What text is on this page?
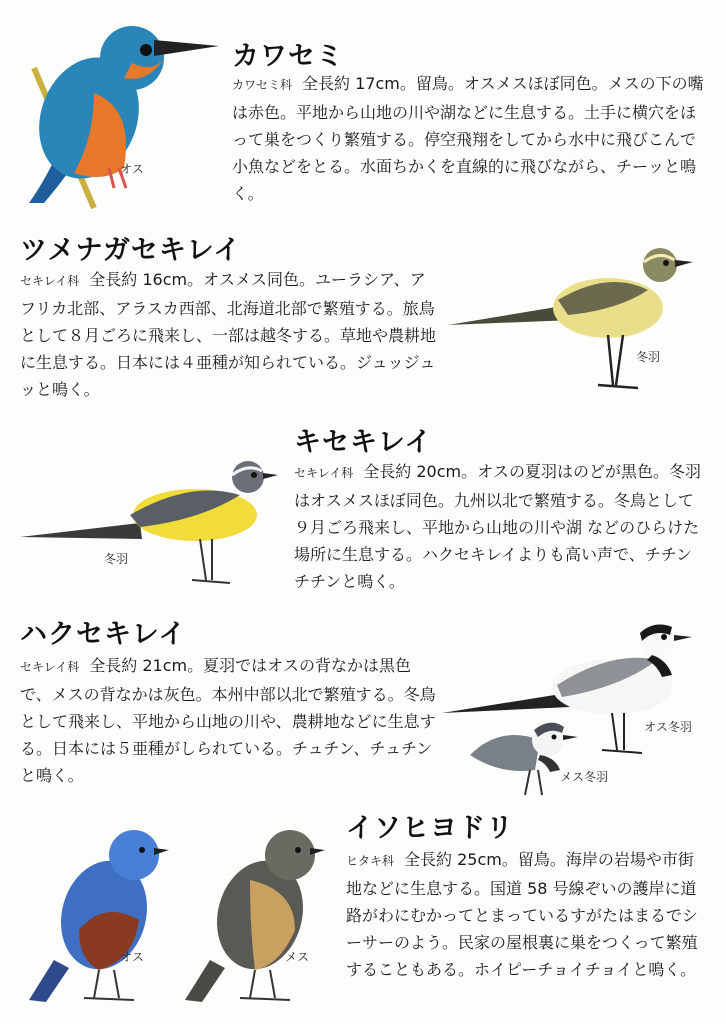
オス
カワセミ
カワセミ科 全長約 17cm。留鳥。オスメスほぼ同色。メスの下の嘴は赤色。平地から山地の川や湖などに生息する。土手に横穴をほって巣をつくり繁殖する。停空飛翔をしてから水中に飛びこんで小魚などをとる。水面ちかくを直線的に飛びながら、チーッと鳴く。
ツメナガセキレイ
セキレイ科 全長約 16cm。オスメス同色。ユーラシア、アフリカ北部、アラスカ西部、北海道北部で繁殖する。旅鳥として８月ごろに飛来し、一部は越冬する。草地や農耕地に生息する。日本には４亜種が知られている。ジュッジュッと鳴く。
冬羽
キセキレイ
セキレイ科 全長約 20cm。オスの夏羽はのどが黒色。冬羽はオスメスほぼ同色。九州以北で繁殖する。冬鳥として９月ごろ飛来し、平地から山地の川や湖 などのひらけた場所に生息する。ハクセキレイよりも高い声で、チチンチチンと鳴く。
冬羽
ハクセキレイ
セキレイ科 全長約 21cm。夏羽ではオスの背なかは黒色で、メスの背なかは灰色。本州中部以北で繁殖する。冬鳥として飛来し、平地から山地の川や、農耕地などに生息する。日本には５亜種がしられている。チュチン、チュチンと鳴く。
オス冬羽
メス冬羽
オス	メス
イソヒヨドリ
ヒタキ科 全長約 25cm。留鳥。海岸の岩場や市街地などに生息する。国道 58 号線ぞいの護岸に道路がわにむかってとまっているすがたはまるでシーサーのよう。民家の屋根裏に巣をつくって繁殖することもある。ホイピーチョイチョイと鳴く。
